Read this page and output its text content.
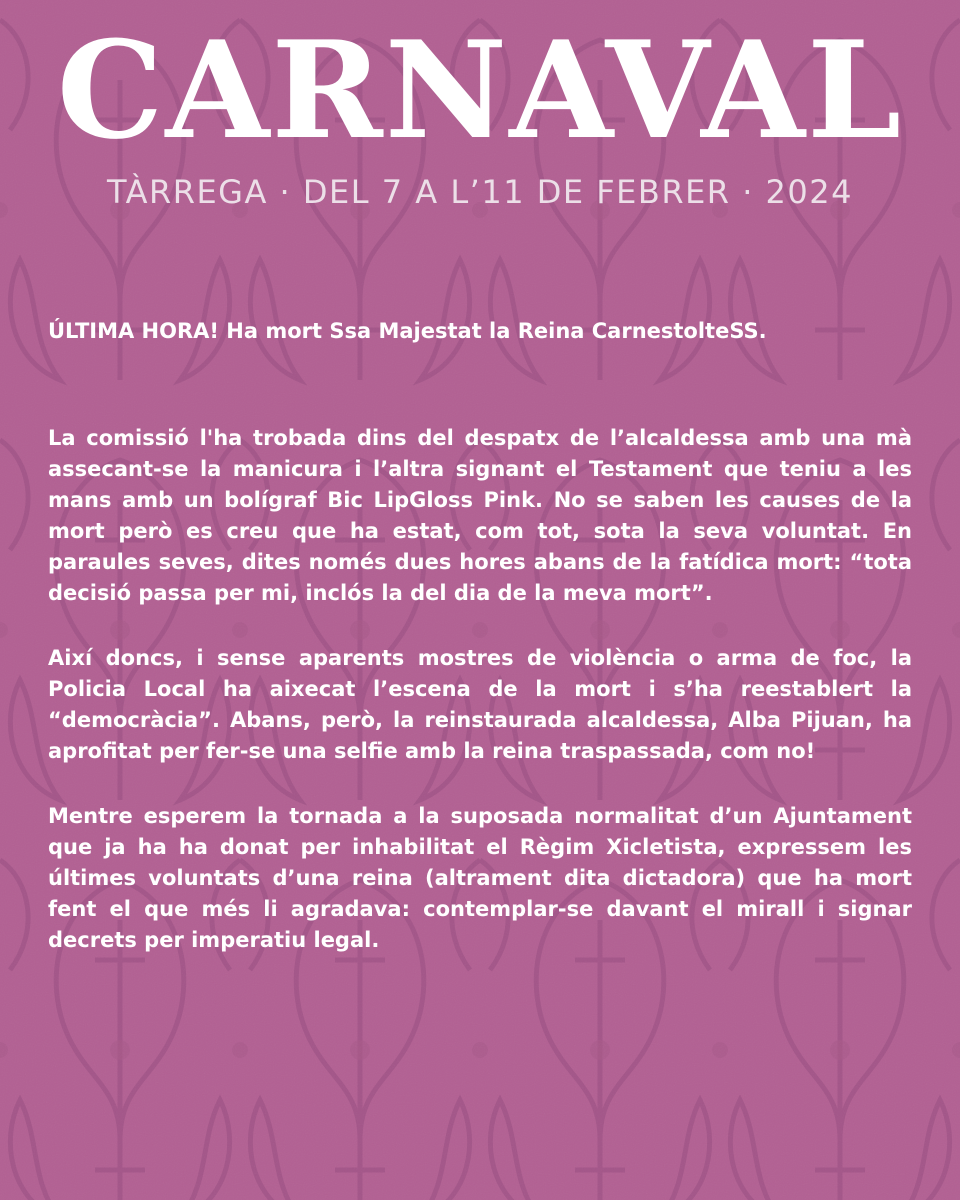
CARNAVAL
TÀRREGA · DEL 7 A L’11 DE FEBRER · 2024

ÚLTIMA HORA! Ha mort Ssa Majestat la Reina CarnestolteSS.

La comissió l'ha trobada dins del despatx de l’alcaldessa amb una mà assecant-se la manicura i l’altra signant el Testament que teniu a les mans amb un bolígraf Bic LipGloss Pink. No se saben les causes de la mort però es creu que ha estat, com tot, sota la seva voluntat. En paraules seves, dites només dues hores abans de la fatídica mort: “tota decisió passa per mi, inclós la del dia de la meva mort”.

Així doncs, i sense aparents mostres de violència o arma de foc, la Policia Local ha aixecat l’escena de la mort i s’ha reestablert la “democràcia”. Abans, però, la reinstaurada alcaldessa, Alba Pijuan, ha aprofitat per fer-se una selfie amb la reina traspassada, com no!

Mentre esperem la tornada a la suposada normalitat d’un Ajuntament que ja ha ha donat per inhabilitat el Règim Xicletista, expressem les últimes voluntats d’una reina (altrament dita dictadora) que ha mort fent el que més li agradava: contemplar-se davant el mirall i signar decrets per imperatiu legal.
